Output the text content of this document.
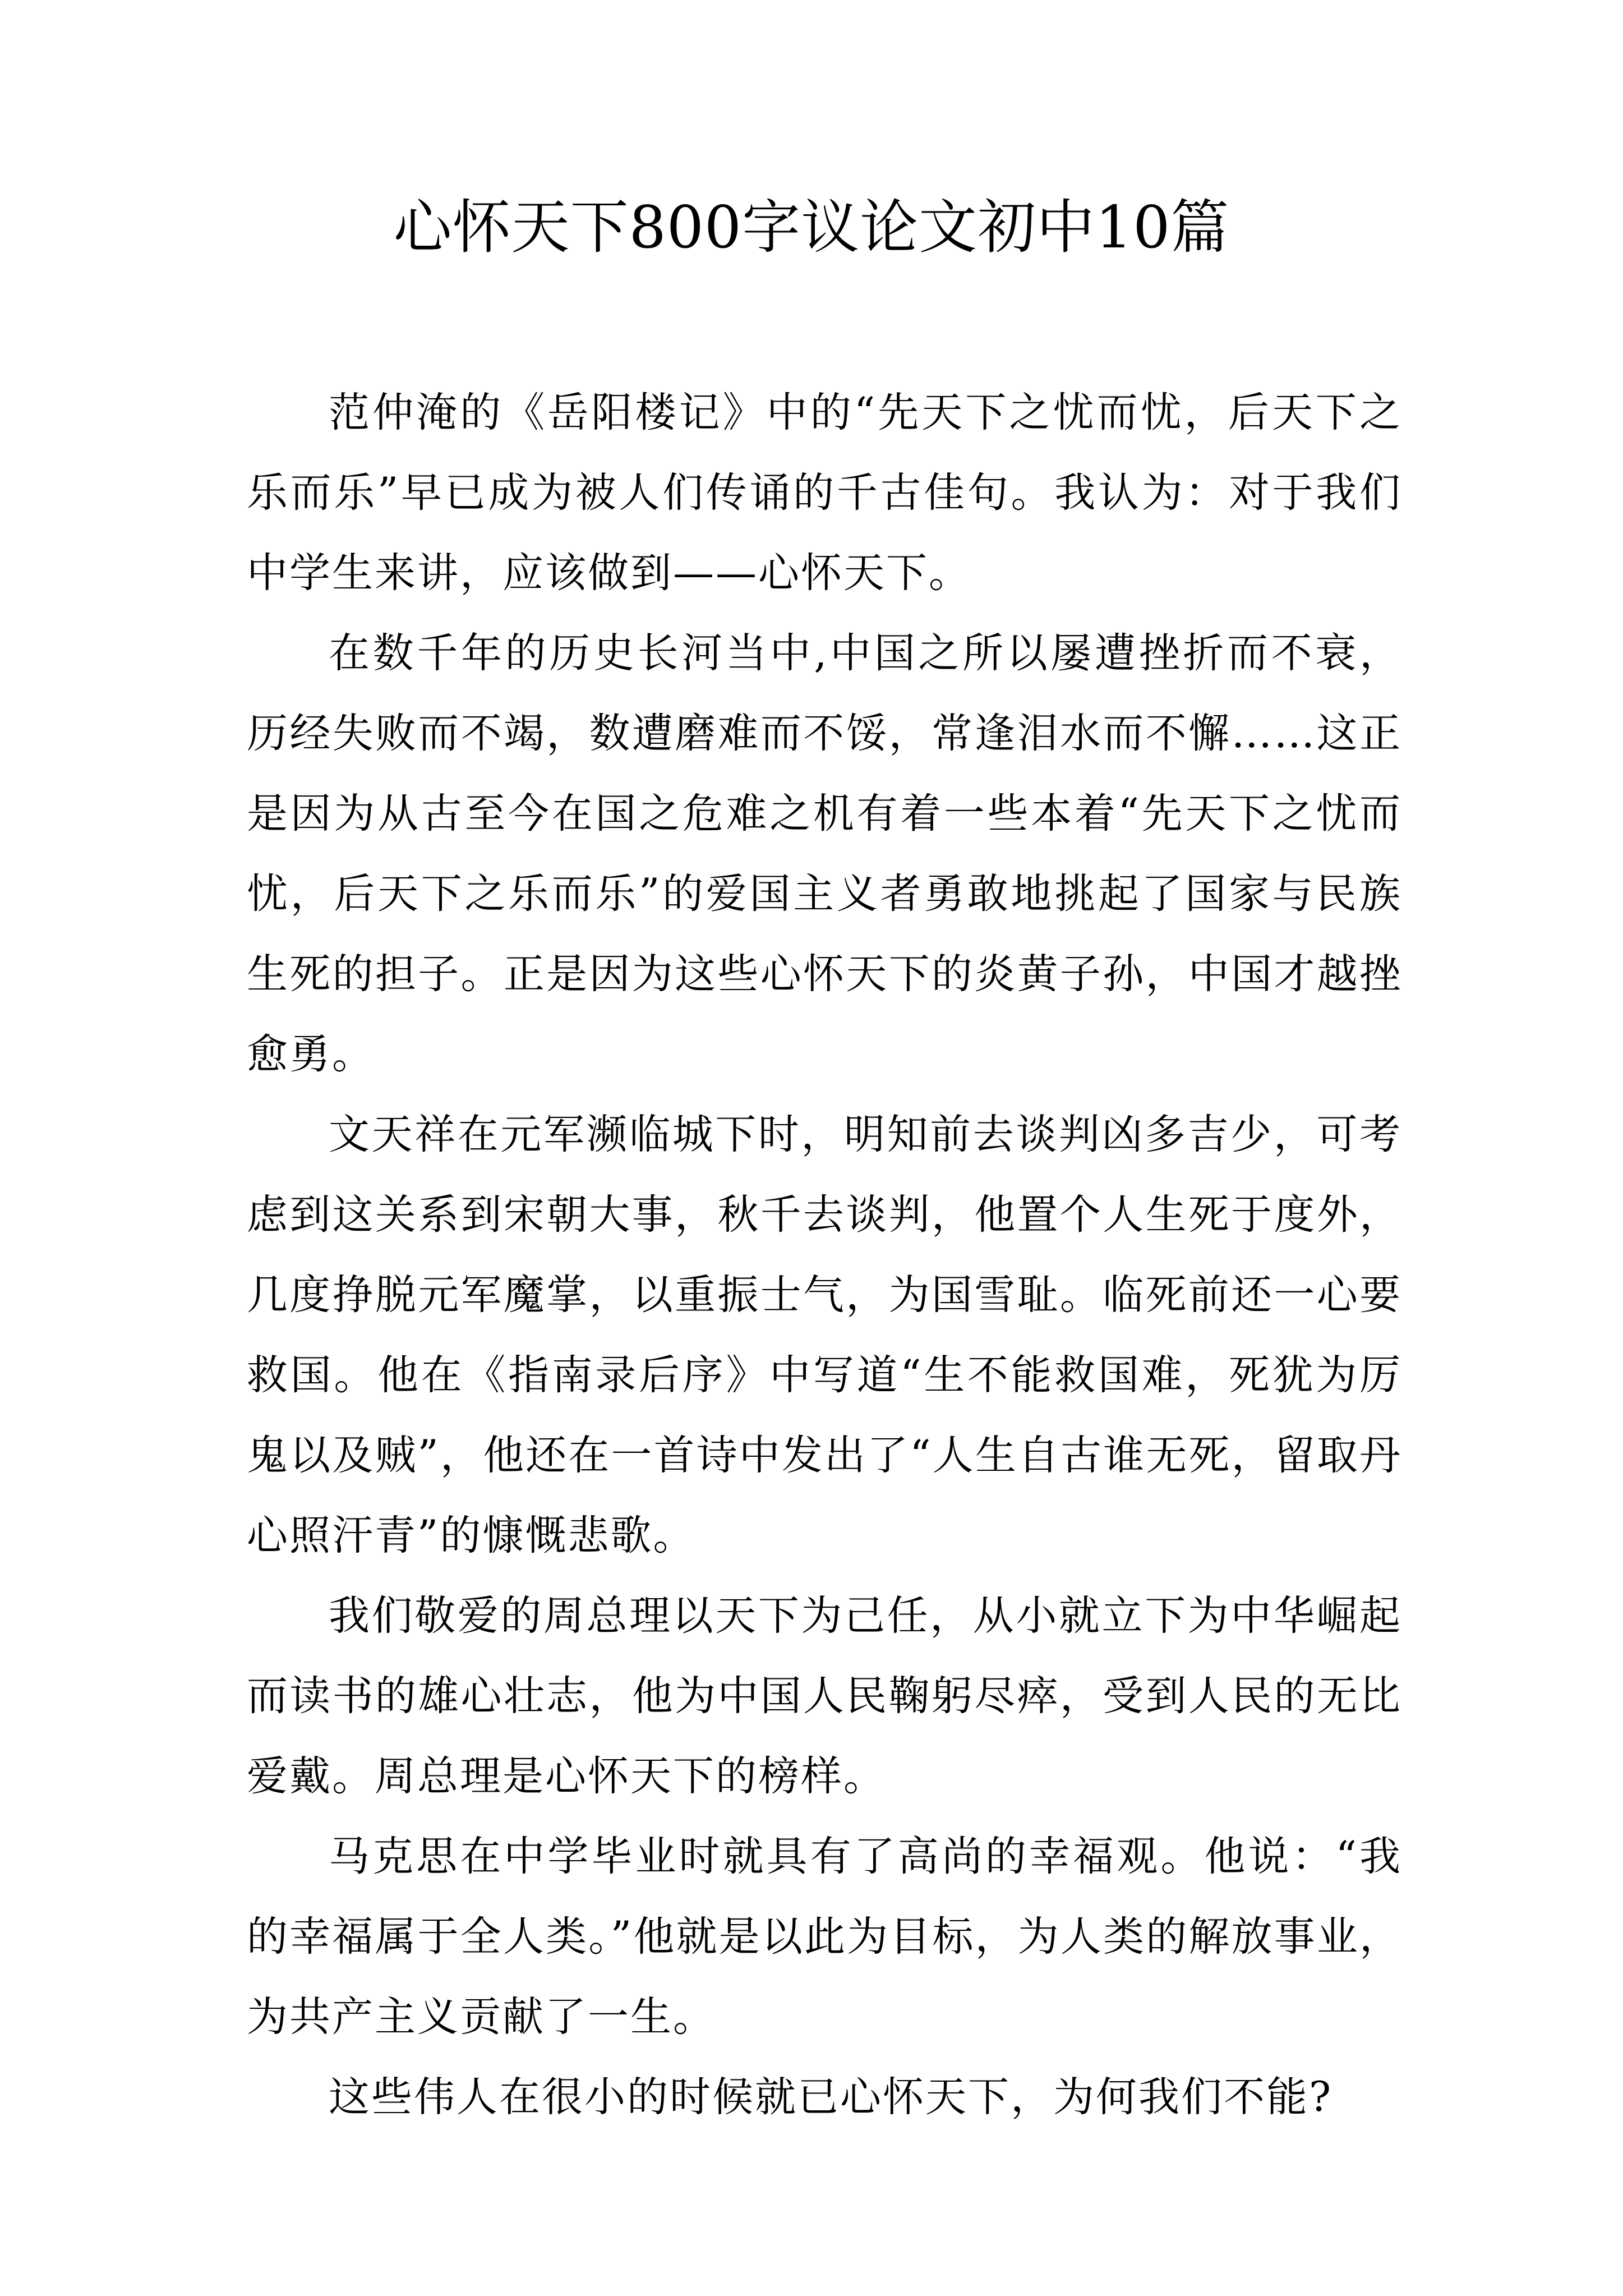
心怀天下800字议论文初中10篇

范仲淹的《岳阳楼记》中的“先天下之忧而忧，后天下之乐而乐”早已成为被人们传诵的千古佳句。我认为：对于我们中学生来讲，应该做到——心怀天下。

在数千年的历史长河当中,中国之所以屡遭挫折而不衰，历经失败而不竭，数遭磨难而不馁，常逢泪水而不懈……这正是因为从古至今在国之危难之机有着一些本着“先天下之忧而忧，后天下之乐而乐”的爱国主义者勇敢地挑起了国家与民族生死的担子。正是因为这些心怀天下的炎黄子孙，中国才越挫愈勇。

文天祥在元军濒临城下时，明知前去谈判凶多吉少，可考虑到这关系到宋朝大事，秋千去谈判，他置个人生死于度外，几度挣脱元军魔掌，以重振士气，为国雪耻。临死前还一心要救国。他在《指南录后序》中写道“生不能救国难，死犹为厉鬼以及贼”，他还在一首诗中发出了“人生自古谁无死，留取丹心照汗青”的慷慨悲歌。

我们敬爱的周总理以天下为己任，从小就立下为中华崛起而读书的雄心壮志，他为中国人民鞠躬尽瘁，受到人民的无比爱戴。周总理是心怀天下的榜样。

马克思在中学毕业时就具有了高尚的幸福观。他说：“我的幸福属于全人类。”他就是以此为目标，为人类的解放事业，为共产主义贡献了一生。

这些伟人在很小的时候就已心怀天下，为何我们不能?
